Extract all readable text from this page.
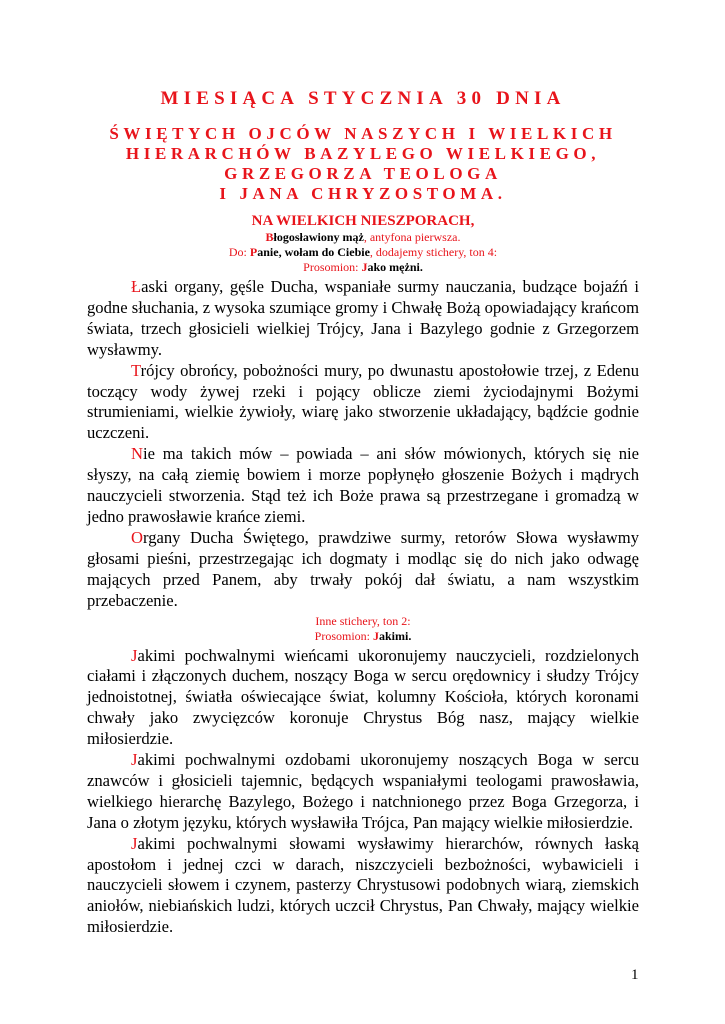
MIESIĄCA STYCZNIA 30 DNIA
ŚWIĘTYCH OJCÓW NASZYCH I WIELKICH
HIERARCHÓW BAZYLEGO WIELKIEGO,
GRZEGORZA TEOLOGA
I JANA CHRYZOSTOMA.
NA WIELKICH NIESZPORACH,

Błogosławiony mąż, antyfona pierwsza.

Do: Panie, wołam do Ciebie, dodajemy stichery, ton 4:

Prosomion: Jako mężni.

Łaski organy, gęśle Ducha, wspaniałe surmy nauczania, budzące bojaźń i godne słuchania, z wysoka szumiące gromy i Chwałę Bożą opowiadający krańcom świata, trzech głosicieli wielkiej Trójcy, Jana i Bazylego godnie z Grzegorzem wysławmy.

Trójcy obrońcy, pobożności mury, po dwunastu apostołowie trzej, z Edenu toczący wody żywej rzeki i pojący oblicze ziemi życiodajnymi Bożymi strumieniami, wielkie żywioły, wiarę jako stworzenie układający, bądźcie godnie uczczeni.

Nie ma takich mów – powiada – ani słów mówionych, których się nie słyszy, na całą ziemię bowiem i morze popłynęło głoszenie Bożych i mądrych nauczycieli stworzenia. Stąd też ich Boże prawa są przestrzegane i gromadzą w jedno prawosławie krańce ziemi.

Organy Ducha Świętego, prawdziwe surmy, retorów Słowa wysławmy głosami pieśni, przestrzegając ich dogmaty i modląc się do nich jako odwagę mających przed Panem, aby trwały pokój dał światu, a nam wszystkim przebaczenie.

Inne stichery, ton 2:

Prosomion: Jakimi.

Jakimi pochwalnymi wieńcami ukoronujemy nauczycieli, rozdzielonych ciałami i złączonych duchem, noszący Boga w sercu orędownicy i słudzy Trójcy jednoistotnej, światła oświecające świat, kolumny Kościoła, których koronami chwały jako zwycięzców koronuje Chrystus Bóg nasz, mający wielkie miłosierdzie.

Jakimi pochwalnymi ozdobami ukoronujemy noszących Boga w sercu znawców i głosicieli tajemnic, będących wspaniałymi teologami prawosławia, wielkiego hierarchę Bazylego, Bożego i natchnionego przez Boga Grzegorza, i Jana o złotym języku, których wysławiła Trójca, Pan mający wielkie miłosierdzie.

Jakimi pochwalnymi słowami wysławimy hierarchów, równych łaską apostołom i jednej czci w darach, niszczycieli bezbożności, wybawicieli i nauczycieli słowem i czynem, pasterzy Chrystusowi podobnych wiarą, ziemskich aniołów, niebiańskich ludzi, których uczcił Chrystus, Pan Chwały, mający wielkie miłosierdzie.

1
